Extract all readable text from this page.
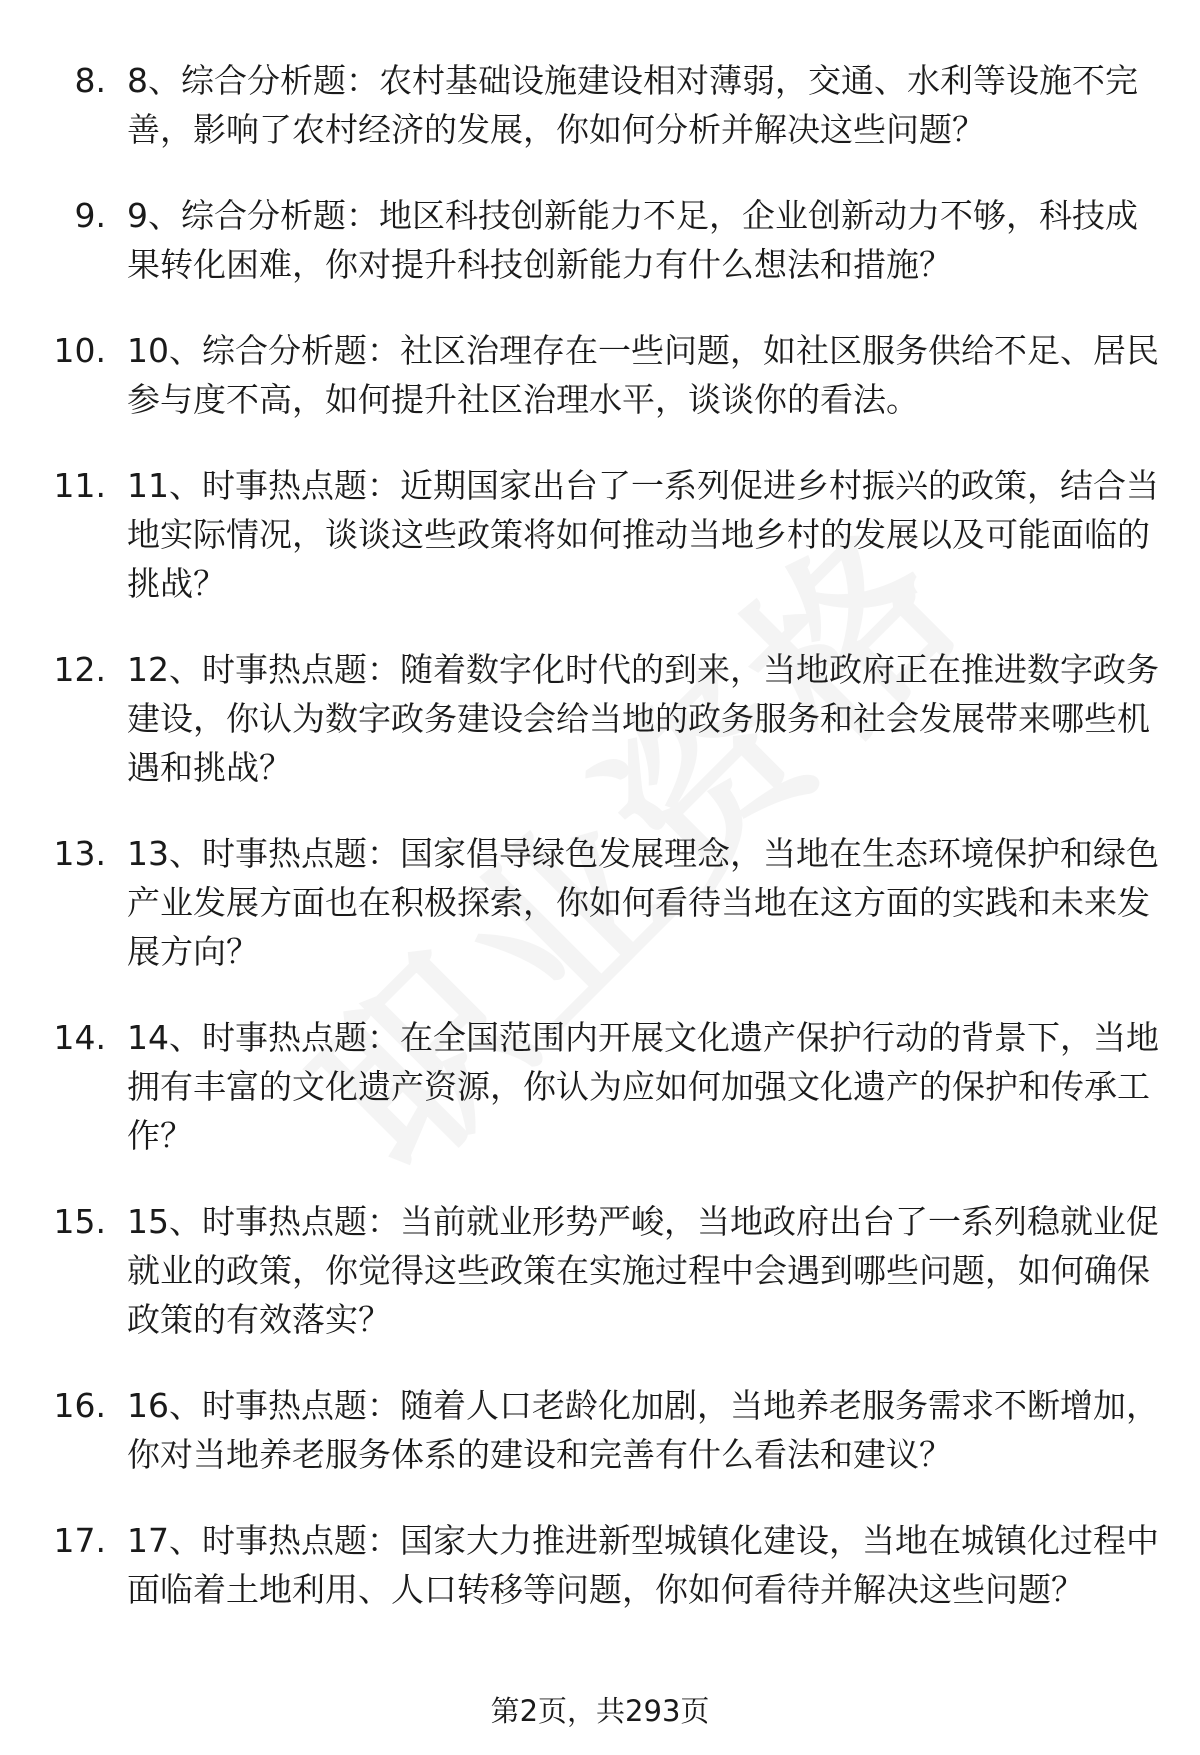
8. 8、综合分析题：农村基础设施建设相对薄弱，交通、水利等设施不完善，影响了农村经济的发展，你如何分析并解决这些问题？
9. 9、综合分析题：地区科技创新能力不足，企业创新动力不够，科技成果转化困难，你对提升科技创新能力有什么想法和措施？
10. 10、综合分析题：社区治理存在一些问题，如社区服务供给不足、居民参与度不高，如何提升社区治理水平，谈谈你的看法。
11. 11、时事热点题：近期国家出台了一系列促进乡村振兴的政策，结合当地实际情况，谈谈这些政策将如何推动当地乡村的发展以及可能面临的挑战？
12. 12、时事热点题：随着数字化时代的到来，当地政府正在推进数字政务建设，你认为数字政务建设会给当地的政务服务和社会发展带来哪些机遇和挑战？
13. 13、时事热点题：国家倡导绿色发展理念，当地在生态环境保护和绿色产业发展方面也在积极探索，你如何看待当地在这方面的实践和未来发展方向？
14. 14、时事热点题：在全国范围内开展文化遗产保护行动的背景下，当地拥有丰富的文化遗产资源，你认为应如何加强文化遗产的保护和传承工作？
15. 15、时事热点题：当前就业形势严峻，当地政府出台了一系列稳就业促就业的政策，你觉得这些政策在实施过程中会遇到哪些问题，如何确保政策的有效落实？
16. 16、时事热点题：随着人口老龄化加剧，当地养老服务需求不断增加，你对当地养老服务体系的建设和完善有什么看法和建议？
17. 17、时事热点题：国家大力推进新型城镇化建设，当地在城镇化过程中面临着土地利用、人口转移等问题，你如何看待并解决这些问题？
第2页，共293页
